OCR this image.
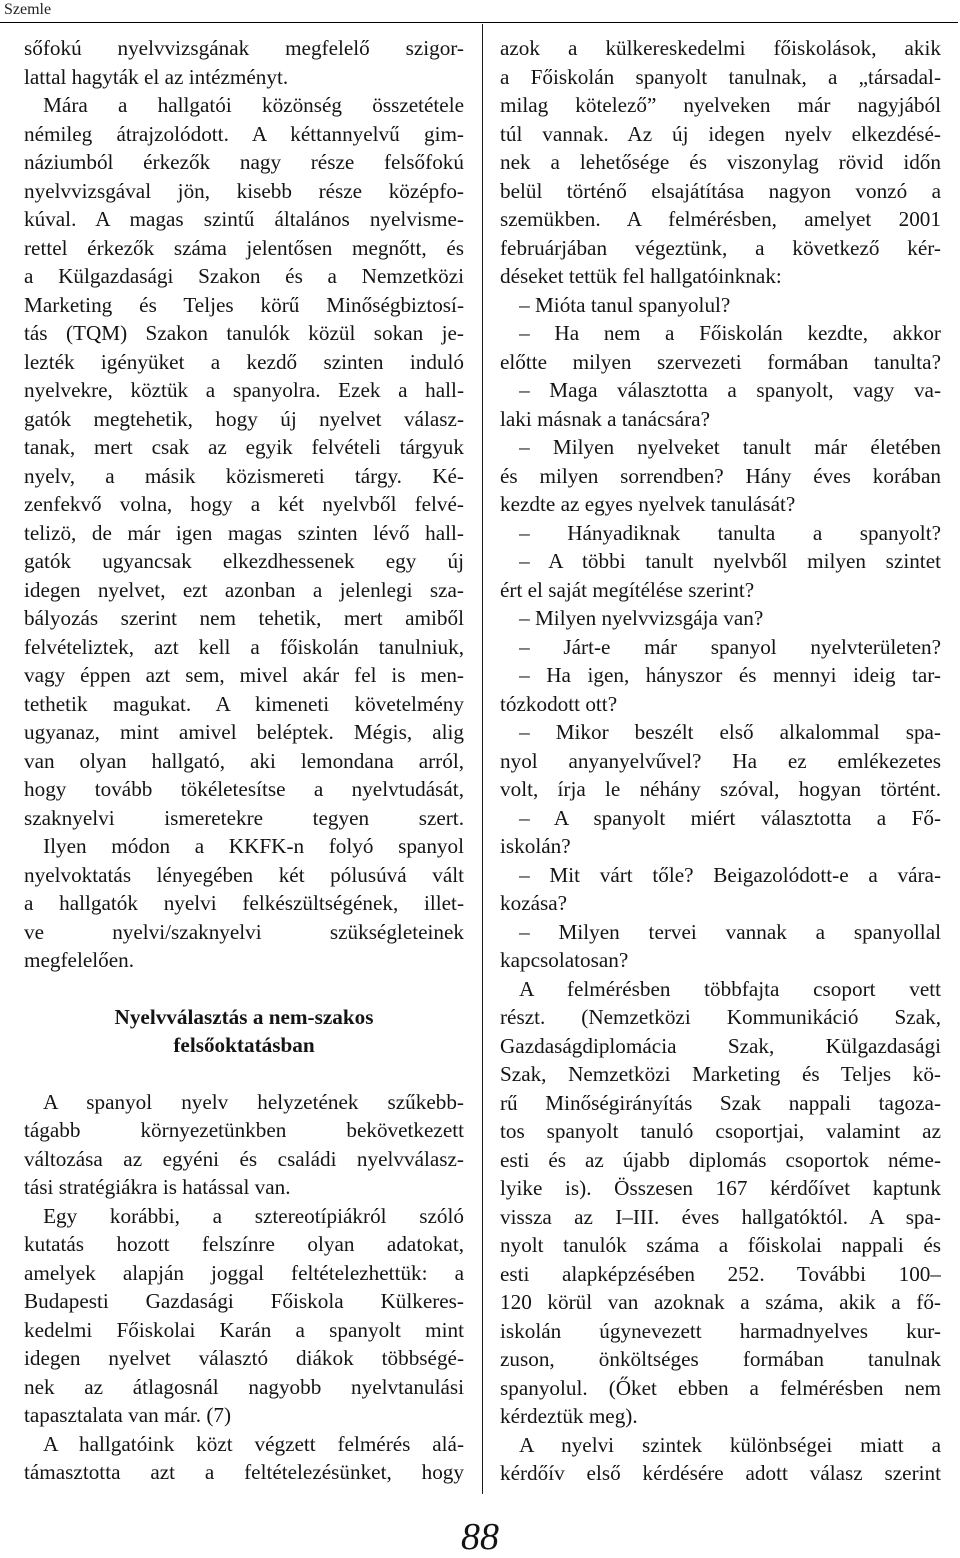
Szemle
sőfokú nyelvvizsgának megfelelő szigor-
lattal hagyták el az intézményt.
Mára a hallgatói közönség összetétele
némileg átrajzolódott. A kéttannyelvű gim-
náziumból érkezők nagy része felsőfokú
nyelvvizsgával jön, kisebb része középfo-
kúval. A magas szintű általános nyelvisme-
rettel érkezők száma jelentősen megnőtt, és
a Külgazdasági Szakon és a Nemzetközi
Marketing és Teljes körű Minőségbiztosí-
tás (TQM) Szakon tanulók közül sokan je-
lezték igényüket a kezdő szinten induló
nyelvekre, köztük a spanyolra. Ezek a hall-
gatók megtehetik, hogy új nyelvet válasz-
tanak, mert csak az egyik felvételi tárgyuk
nyelv, a másik közismereti tárgy. Ké-
zenfekvő volna, hogy a két nyelvből felvé-
telizö, de már igen magas szinten lévő hall-
gatók ugyancsak elkezdhessenek egy új
idegen nyelvet, ezt azonban a jelenlegi sza-
bályozás szerint nem tehetik, mert amiből
felvételiztek, azt kell a főiskolán tanulniuk,
vagy éppen azt sem, mivel akár fel is men-
tethetik magukat. A kimeneti követelmény
ugyanaz, mint amivel beléptek. Mégis, alig
van olyan hallgató, aki lemondana arról,
hogy tovább tökéletesítse a nyelvtudását,
szaknyelvi ismeretekre tegyen szert.
Ilyen módon a KKFK-n folyó spanyol
nyelvoktatás lényegében két pólusúvá vált
a hallgatók nyelvi felkészültségének, illet-
ve nyelvi/szaknyelvi szükségleteinek
megfelelően.
Nyelvválasztás a nem-szakos
felsőoktatásban
A spanyol nyelv helyzetének szűkebb-
tágabb környezetünkben bekövetkezett
változása az egyéni és családi nyelvválasz-
tási stratégiákra is hatással van.
Egy korábbi, a sztereotípiákról szóló
kutatás hozott felszínre olyan adatokat,
amelyek alapján joggal feltételezhettük: a
Budapesti Gazdasági Főiskola Külkeres-
kedelmi Főiskolai Karán a spanyolt mint
idegen nyelvet választó diákok többségé-
nek az átlagosnál nagyobb nyelvtanulási
tapasztalata van már. (7)
A hallgatóink közt végzett felmérés alá-
támasztotta azt a feltételezésünket, hogy
azok a külkereskedelmi főiskolások, akik
a Főiskolán spanyolt tanulnak, a „társadal-
milag kötelező” nyelveken már nagyjából
túl vannak. Az új idegen nyelv elkezdésé-
nek a lehetősége és viszonylag rövid időn
belül történő elsajátítása nagyon vonzó a
szemükben. A felmérésben, amelyet 2001
februárjában végeztünk, a következő kér-
déseket tettük fel hallgatóinknak:
– Mióta tanul spanyolul?
– Ha nem a Főiskolán kezdte, akkor
előtte milyen szervezeti formában tanulta?
– Maga választotta a spanyolt, vagy va-
laki másnak a tanácsára?
– Milyen nyelveket tanult már életében
és milyen sorrendben? Hány éves korában
kezdte az egyes nyelvek tanulását?
– Hányadiknak tanulta a spanyolt?
– A többi tanult nyelvből milyen szintet
ért el saját megítélése szerint?
– Milyen nyelvvizsgája van?
– Járt-e már spanyol nyelvterületen?
– Ha igen, hányszor és mennyi ideig tar-
tózkodott ott?
– Mikor beszélt első alkalommal spa-
nyol anyanyelvűvel? Ha ez emlékezetes
volt, írja le néhány szóval, hogyan történt.
– A spanyolt miért választotta a Fő-
iskolán?
– Mit várt tőle? Beigazolódott-e a vára-
kozása?
– Milyen tervei vannak a spanyollal
kapcsolatosan?
A felmérésben többfajta csoport vett
részt. (Nemzetközi Kommunikáció Szak,
Gazdaságdiplomácia Szak, Külgazdasági
Szak, Nemzetközi Marketing és Teljes kö-
rű Minőségirányítás Szak nappali tagoza-
tos spanyolt tanuló csoportjai, valamint az
esti és az újabb diplomás csoportok néme-
lyike is). Összesen 167 kérdőívet kaptunk
vissza az I–III. éves hallgatóktól. A spa-
nyolt tanulók száma a főiskolai nappali és
esti alapképzésében 252. További 100–
120 körül van azoknak a száma, akik a fő-
iskolán úgynevezett harmadnyelves kur-
zuson, önköltséges formában tanulnak
spanyolul. (Őket ebben a felmérésben nem
kérdeztük meg).
A nyelvi szintek különbségei miatt a
kérdőív első kérdésére adott válasz szerint
88
